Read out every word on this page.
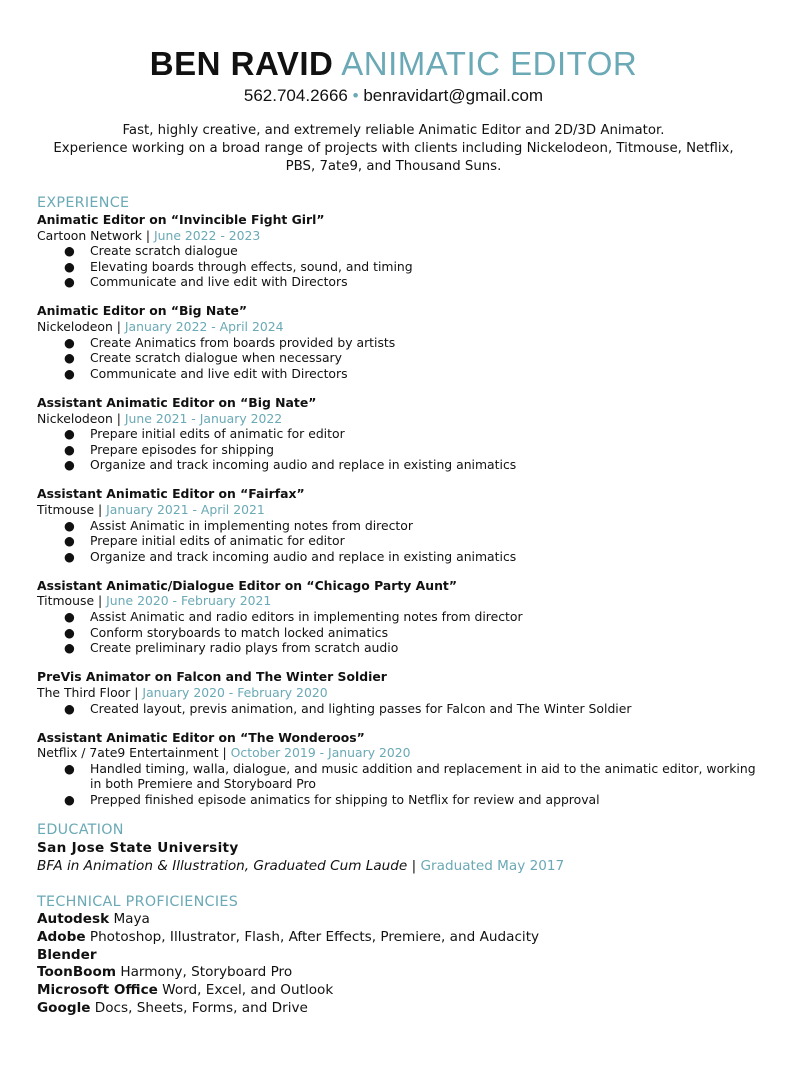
BEN RAVID ANIMATIC EDITOR
562.704.2666 • benravidart@gmail.com
Fast, highly creative, and extremely reliable Animatic Editor and 2D/3D Animator.
Experience working on a broad range of projects with clients including Nickelodeon, Titmouse, Netflix,
PBS, 7ate9, and Thousand Suns.
EXPERIENCE
Animatic Editor on “Invincible Fight Girl”
Cartoon Network | June 2022 - 2023
● Create scratch dialogue
● Elevating boards through effects, sound, and timing
● Communicate and live edit with Directors
Animatic Editor on “Big Nate”
Nickelodeon | January 2022 - April 2024
● Create Animatics from boards provided by artists
● Create scratch dialogue when necessary
● Communicate and live edit with Directors
Assistant Animatic Editor on “Big Nate”
Nickelodeon | June 2021 - January 2022
● Prepare initial edits of animatic for editor
● Prepare episodes for shipping
● Organize and track incoming audio and replace in existing animatics
Assistant Animatic Editor on “Fairfax”
Titmouse | January 2021 - April 2021
● Assist Animatic in implementing notes from director
● Prepare initial edits of animatic for editor
● Organize and track incoming audio and replace in existing animatics
Assistant Animatic/Dialogue Editor on “Chicago Party Aunt”
Titmouse | June 2020 - February 2021
● Assist Animatic and radio editors in implementing notes from director
● Conform storyboards to match locked animatics
● Create preliminary radio plays from scratch audio
PreVis Animator on Falcon and The Winter Soldier
The Third Floor | January 2020 - February 2020
● Created layout, previs animation, and lighting passes for Falcon and The Winter Soldier
Assistant Animatic Editor on “The Wonderoos”
Netflix / 7ate9 Entertainment | October 2019 - January 2020
● Handled timing, walla, dialogue, and music addition and replacement in aid to the animatic editor, working in both Premiere and Storyboard Pro
● Prepped finished episode animatics for shipping to Netflix for review and approval
EDUCATION
San Jose State University
BFA in Animation & Illustration, Graduated Cum Laude | Graduated May 2017
TECHNICAL PROFICIENCIES
Autodesk Maya
Adobe Photoshop, Illustrator, Flash, After Effects, Premiere, and Audacity
Blender
ToonBoom Harmony, Storyboard Pro
Microsoft Office Word, Excel, and Outlook
Google Docs, Sheets, Forms, and Drive
